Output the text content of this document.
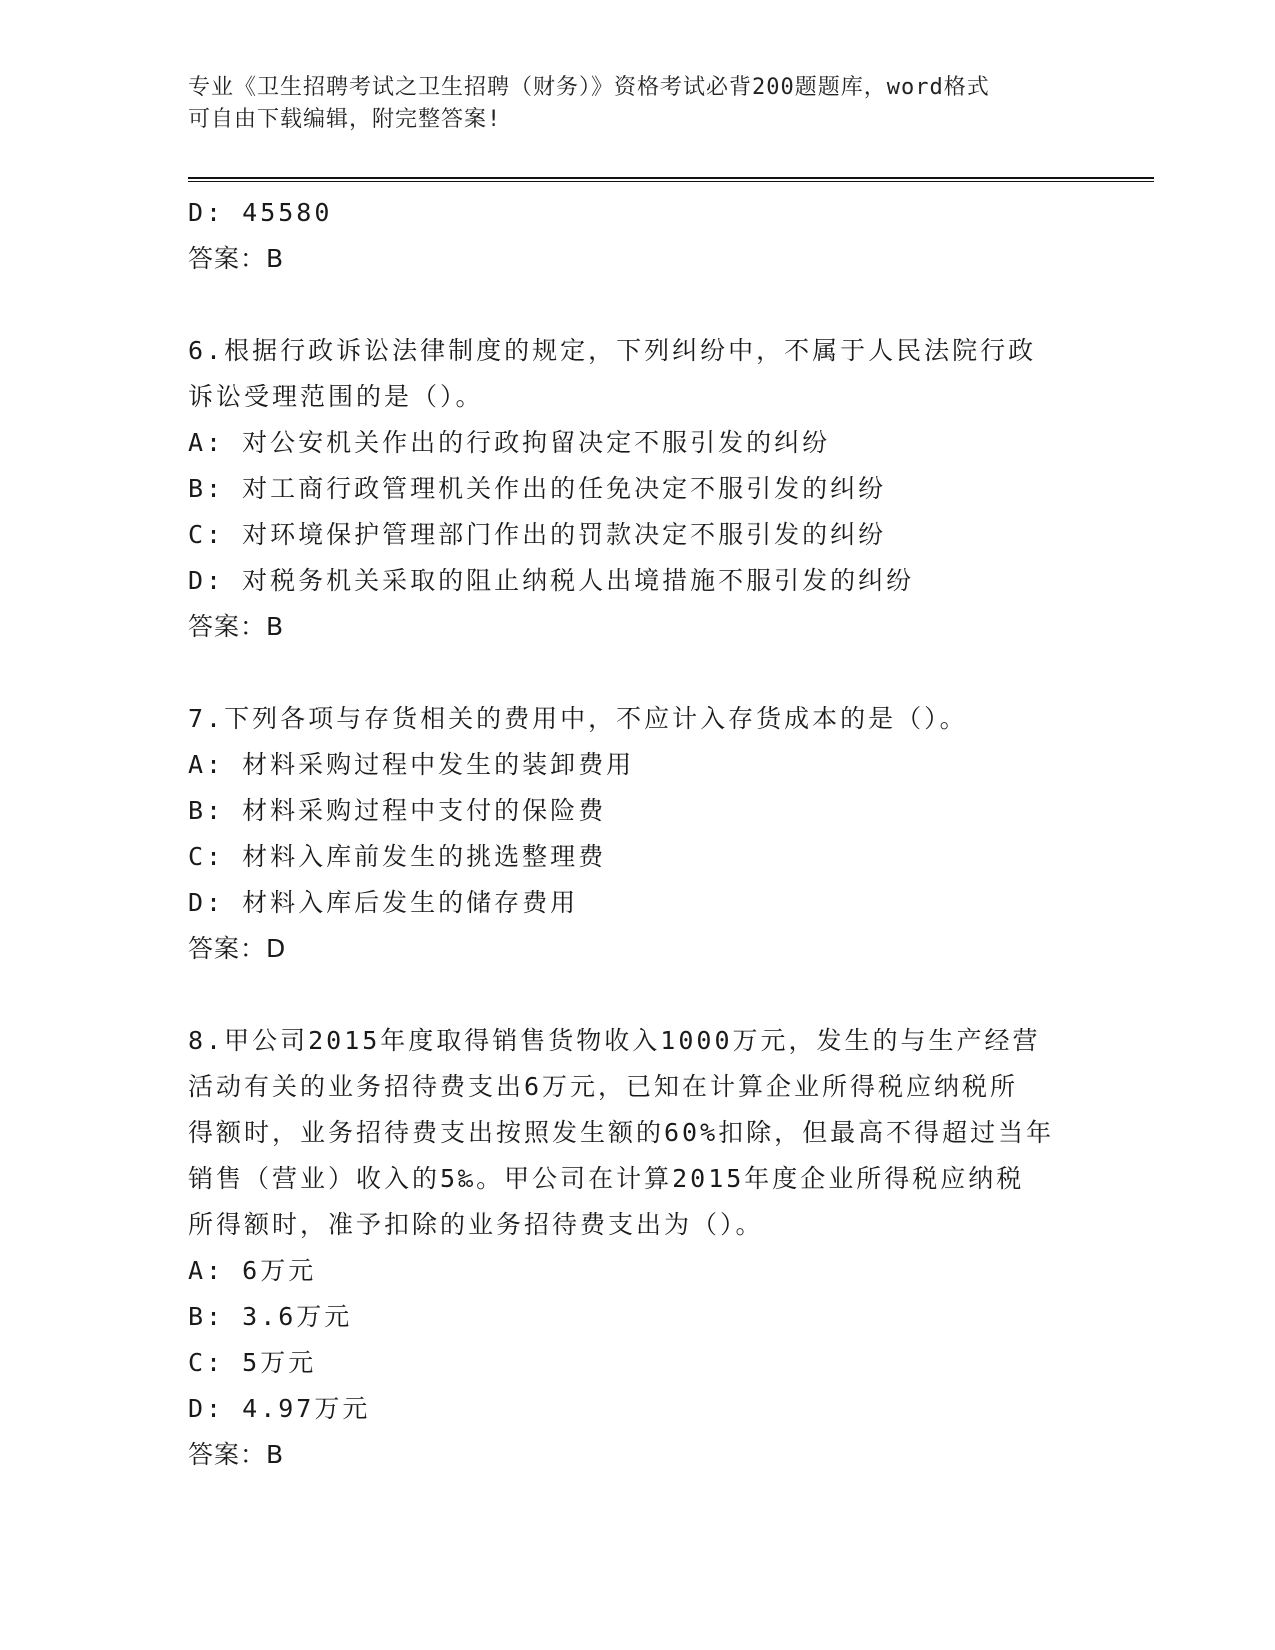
专业《卫生招聘考试之卫生招聘（财务）》资格考试必背200题题库，word格式
可自由下载编辑，附完整答案!
D: 45580
答案：B
6.根据行政诉讼法律制度的规定，下列纠纷中，不属于人民法院行政
诉讼受理范围的是（）。
A: 对公安机关作出的行政拘留决定不服引发的纠纷
B: 对工商行政管理机关作出的任免决定不服引发的纠纷
C: 对环境保护管理部门作出的罚款决定不服引发的纠纷
D: 对税务机关采取的阻止纳税人出境措施不服引发的纠纷
答案：B
7.下列各项与存货相关的费用中，不应计入存货成本的是（）。
A: 材料采购过程中发生的装卸费用
B: 材料采购过程中支付的保险费
C: 材料入库前发生的挑选整理费
D: 材料入库后发生的储存费用
答案：D
8.甲公司2015年度取得销售货物收入1000万元，发生的与生产经营
活动有关的业务招待费支出6万元，已知在计算企业所得税应纳税所
得额时，业务招待费支出按照发生额的60%扣除，但最高不得超过当年
销售（营业）收入的5‰。甲公司在计算2015年度企业所得税应纳税
所得额时，准予扣除的业务招待费支出为（）。
A: 6万元
B: 3.6万元
C: 5万元
D: 4.97万元
答案：B
